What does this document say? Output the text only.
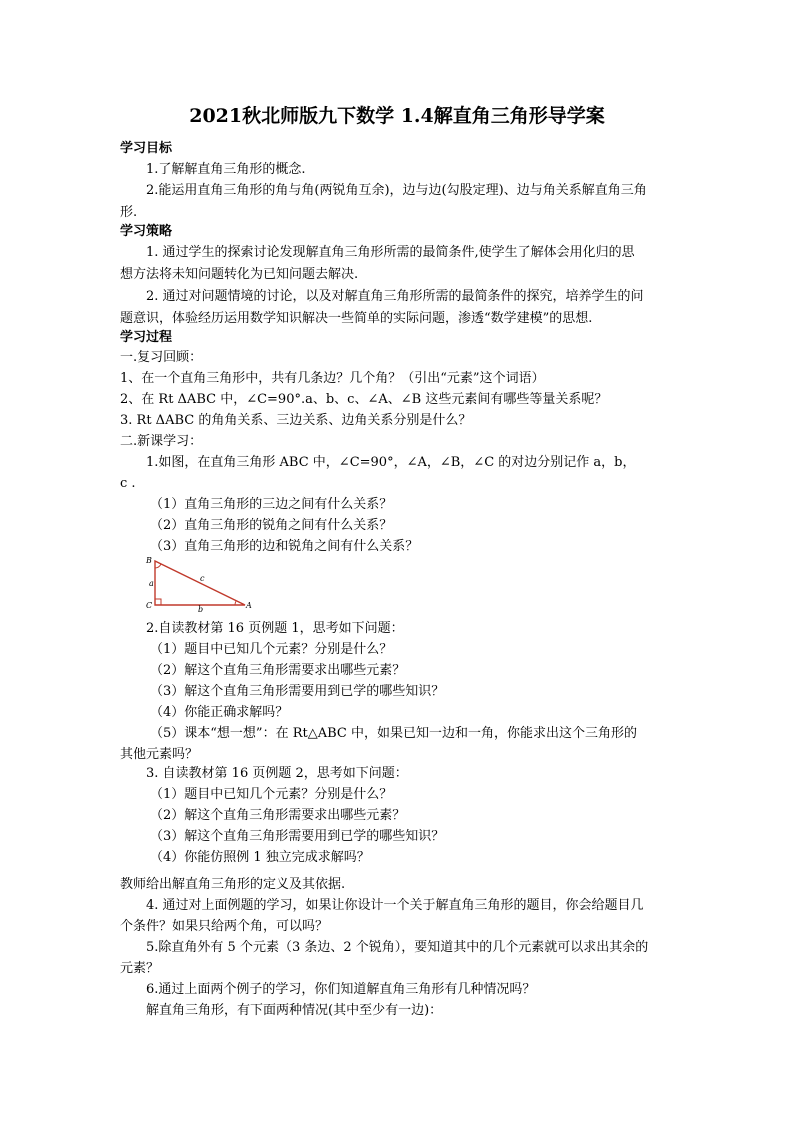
2021秋北师版九下数学 1.4解直角三角形导学案
学习目标
1.了解解直角三角形的概念.
2.能运用直角三角形的角与角(两锐角互余)，边与边(勾股定理)、边与角关系解直角三角
形.
学习策略
1. 通过学生的探索讨论发现解直角三角形所需的最简条件,使学生了解体会用化归的思
想方法将未知问题转化为已知问题去解决.
2. 通过对问题情境的讨论，以及对解直角三角形所需的最简条件的探究，培养学生的问
题意识，体验经历运用数学知识解决一些简单的实际问题，渗透“数学建模”的思想.
学习过程
一.复习回顾：
1、在一个直角三角形中，共有几条边？几个角？（引出“元素”这个词语）
2、在 Rt ΔABC 中，∠C=90°.a、b、c、∠A、∠B 这些元素间有哪些等量关系呢？
3. Rt ΔABC 的角角关系、三边关系、边角关系分别是什么？
二.新课学习：
1.如图，在直角三角形 ABC 中，∠C=90°，∠A，∠B，∠C 的对边分别记作 a，b，
c .
（1）直角三角形的三边之间有什么关系？
（2）直角三角形的锐角之间有什么关系？
（3）直角三角形的边和锐角之间有什么关系？
B
C	A
a
b
c
2.自读教材第 16 页例题 1，思考如下问题：
（1）题目中已知几个元素？分别是什么？
（2）解这个直角三角形需要求出哪些元素？
（3）解这个直角三角形需要用到已学的哪些知识？
（4）你能正确求解吗？
（5）课本“想一想”：在 Rt△ABC 中，如果已知一边和一角，你能求出这个三角形的
其他元素吗？
3. 自读教材第 16 页例题 2，思考如下问题：
（1）题目中已知几个元素？分别是什么？
（2）解这个直角三角形需要求出哪些元素？
（3）解这个直角三角形需要用到已学的哪些知识？
（4）你能仿照例 1 独立完成求解吗？
教师给出解直角三角形的定义及其依据.
4. 通过对上面例题的学习，如果让你设计一个关于解直角三角形的题目，你会给题目几
个条件？如果只给两个角，可以吗？
5.除直角外有 5 个元素（3 条边、2 个锐角），要知道其中的几个元素就可以求出其余的
元素？
6.通过上面两个例子的学习，你们知道解直角三角形有几种情况吗？
解直角三角形，有下面两种情况(其中至少有一边)：
